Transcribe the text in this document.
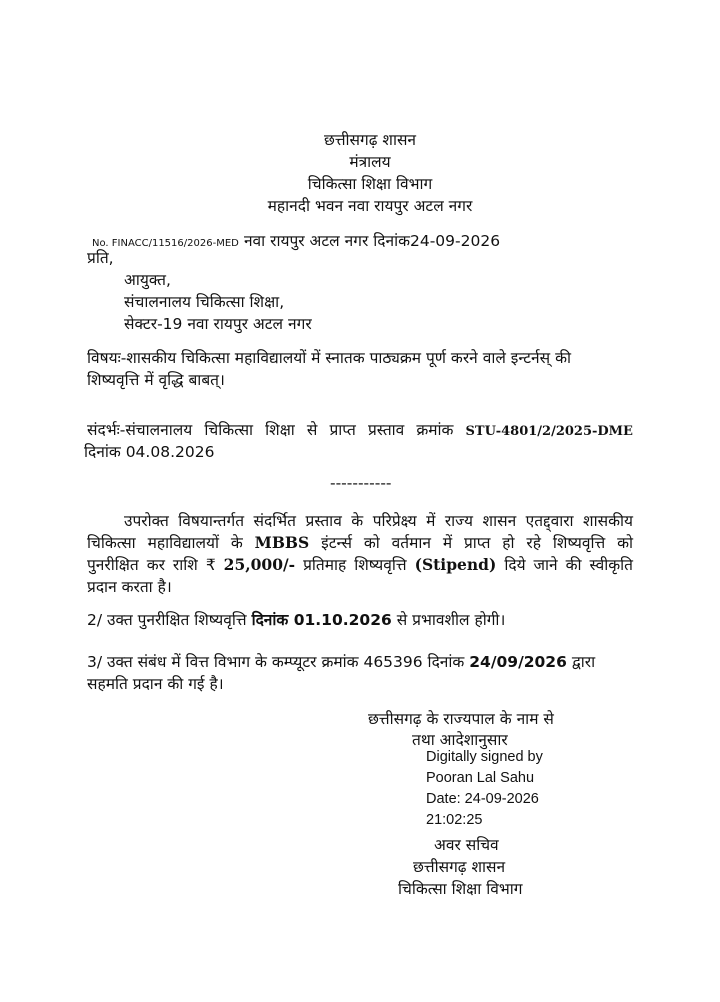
छत्तीसगढ़ शासन
मंत्रालय
चिकित्सा शिक्षा विभाग
महानदी भवन नवा रायपुर अटल नगर
No. FINACC/11516/2026-MED नवा रायपुर अटल नगर दिनांक24-09-2026
प्रति,
आयुक्त,
संचालनालय चिकित्सा शिक्षा,
सेक्टर-19 नवा रायपुर अटल नगर
विषयः-शासकीय चिकित्सा महाविद्यालयों में स्नातक पाठ्यक्रम पूर्ण करने वाले इन्टर्नस् की
शिष्यवृत्ति में वृद्धि बाबत्।
संदर्भः-संचालनालय चिकित्सा शिक्षा से प्राप्त प्रस्ताव क्रमांक STU-4801/2/2025-DME
दिनांक 04.08.2026
-----------
उपरोक्त विषयान्तर्गत संदर्भित प्रस्ताव के परिप्रेक्ष्य में राज्य शासन एतद्द्वारा शासकीय
चिकित्सा महाविद्यालयों के MBBS इंटर्न्स को वर्तमान में प्राप्त हो रहे शिष्यवृत्ति को
पुनरीक्षित कर राशि ₹ 25,000/- प्रतिमाह शिष्यवृत्ति (Stipend) दिये जाने की स्वीकृति
प्रदान करता है।
2/ उक्त पुनरीक्षित शिष्यवृत्ति दिनांक 01.10.2026 से प्रभावशील होगी।
3/ उक्त संबंध में वित्त विभाग के कम्प्यूटर क्रमांक 465396 दिनांक 24/09/2026 द्वारा
सहमति प्रदान की गई है।
छत्तीसगढ़ के राज्यपाल के नाम से
तथा आदेशानुसार
Digitally signed by
Pooran Lal Sahu
Date: 24-09-2026
21:02:25
अवर सचिव
छत्तीसगढ़ शासन
चिकित्सा शिक्षा विभाग
